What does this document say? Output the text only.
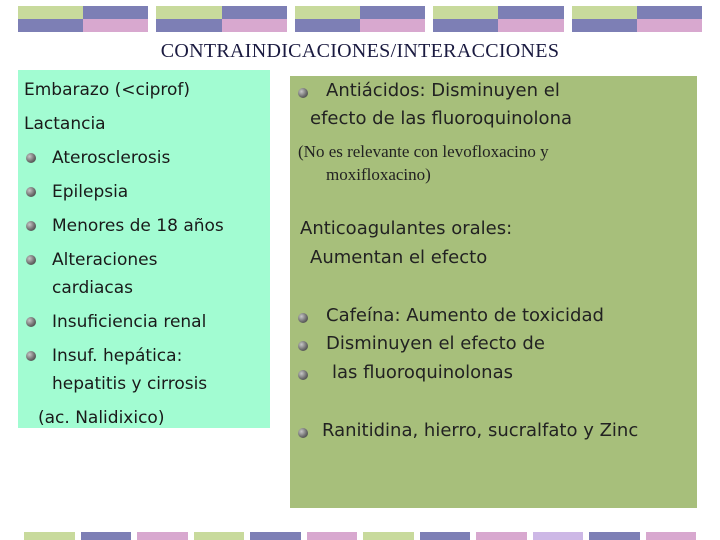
CONTRAINDICACIONES/INTERACCIONES
Embarazo (<ciprof)
Lactancia
Aterosclerosis
Epilepsia
Menores de 18 años
Alteraciones cardiacas
Insuficiencia renal
Insuf. hepática: hepatitis y cirrosis
(ac. Nalidixico)
Antiácidos: Disminuyen el
efecto de las fluoroquinolona
(No es relevante con levofloxacino y
moxifloxacino)
Anticoagulantes orales:
Aumentan el efecto
Cafeína: Aumento de toxicidad
Disminuyen el efecto de
las fluoroquinolonas
Ranitidina, hierro, sucralfato y Zinc
